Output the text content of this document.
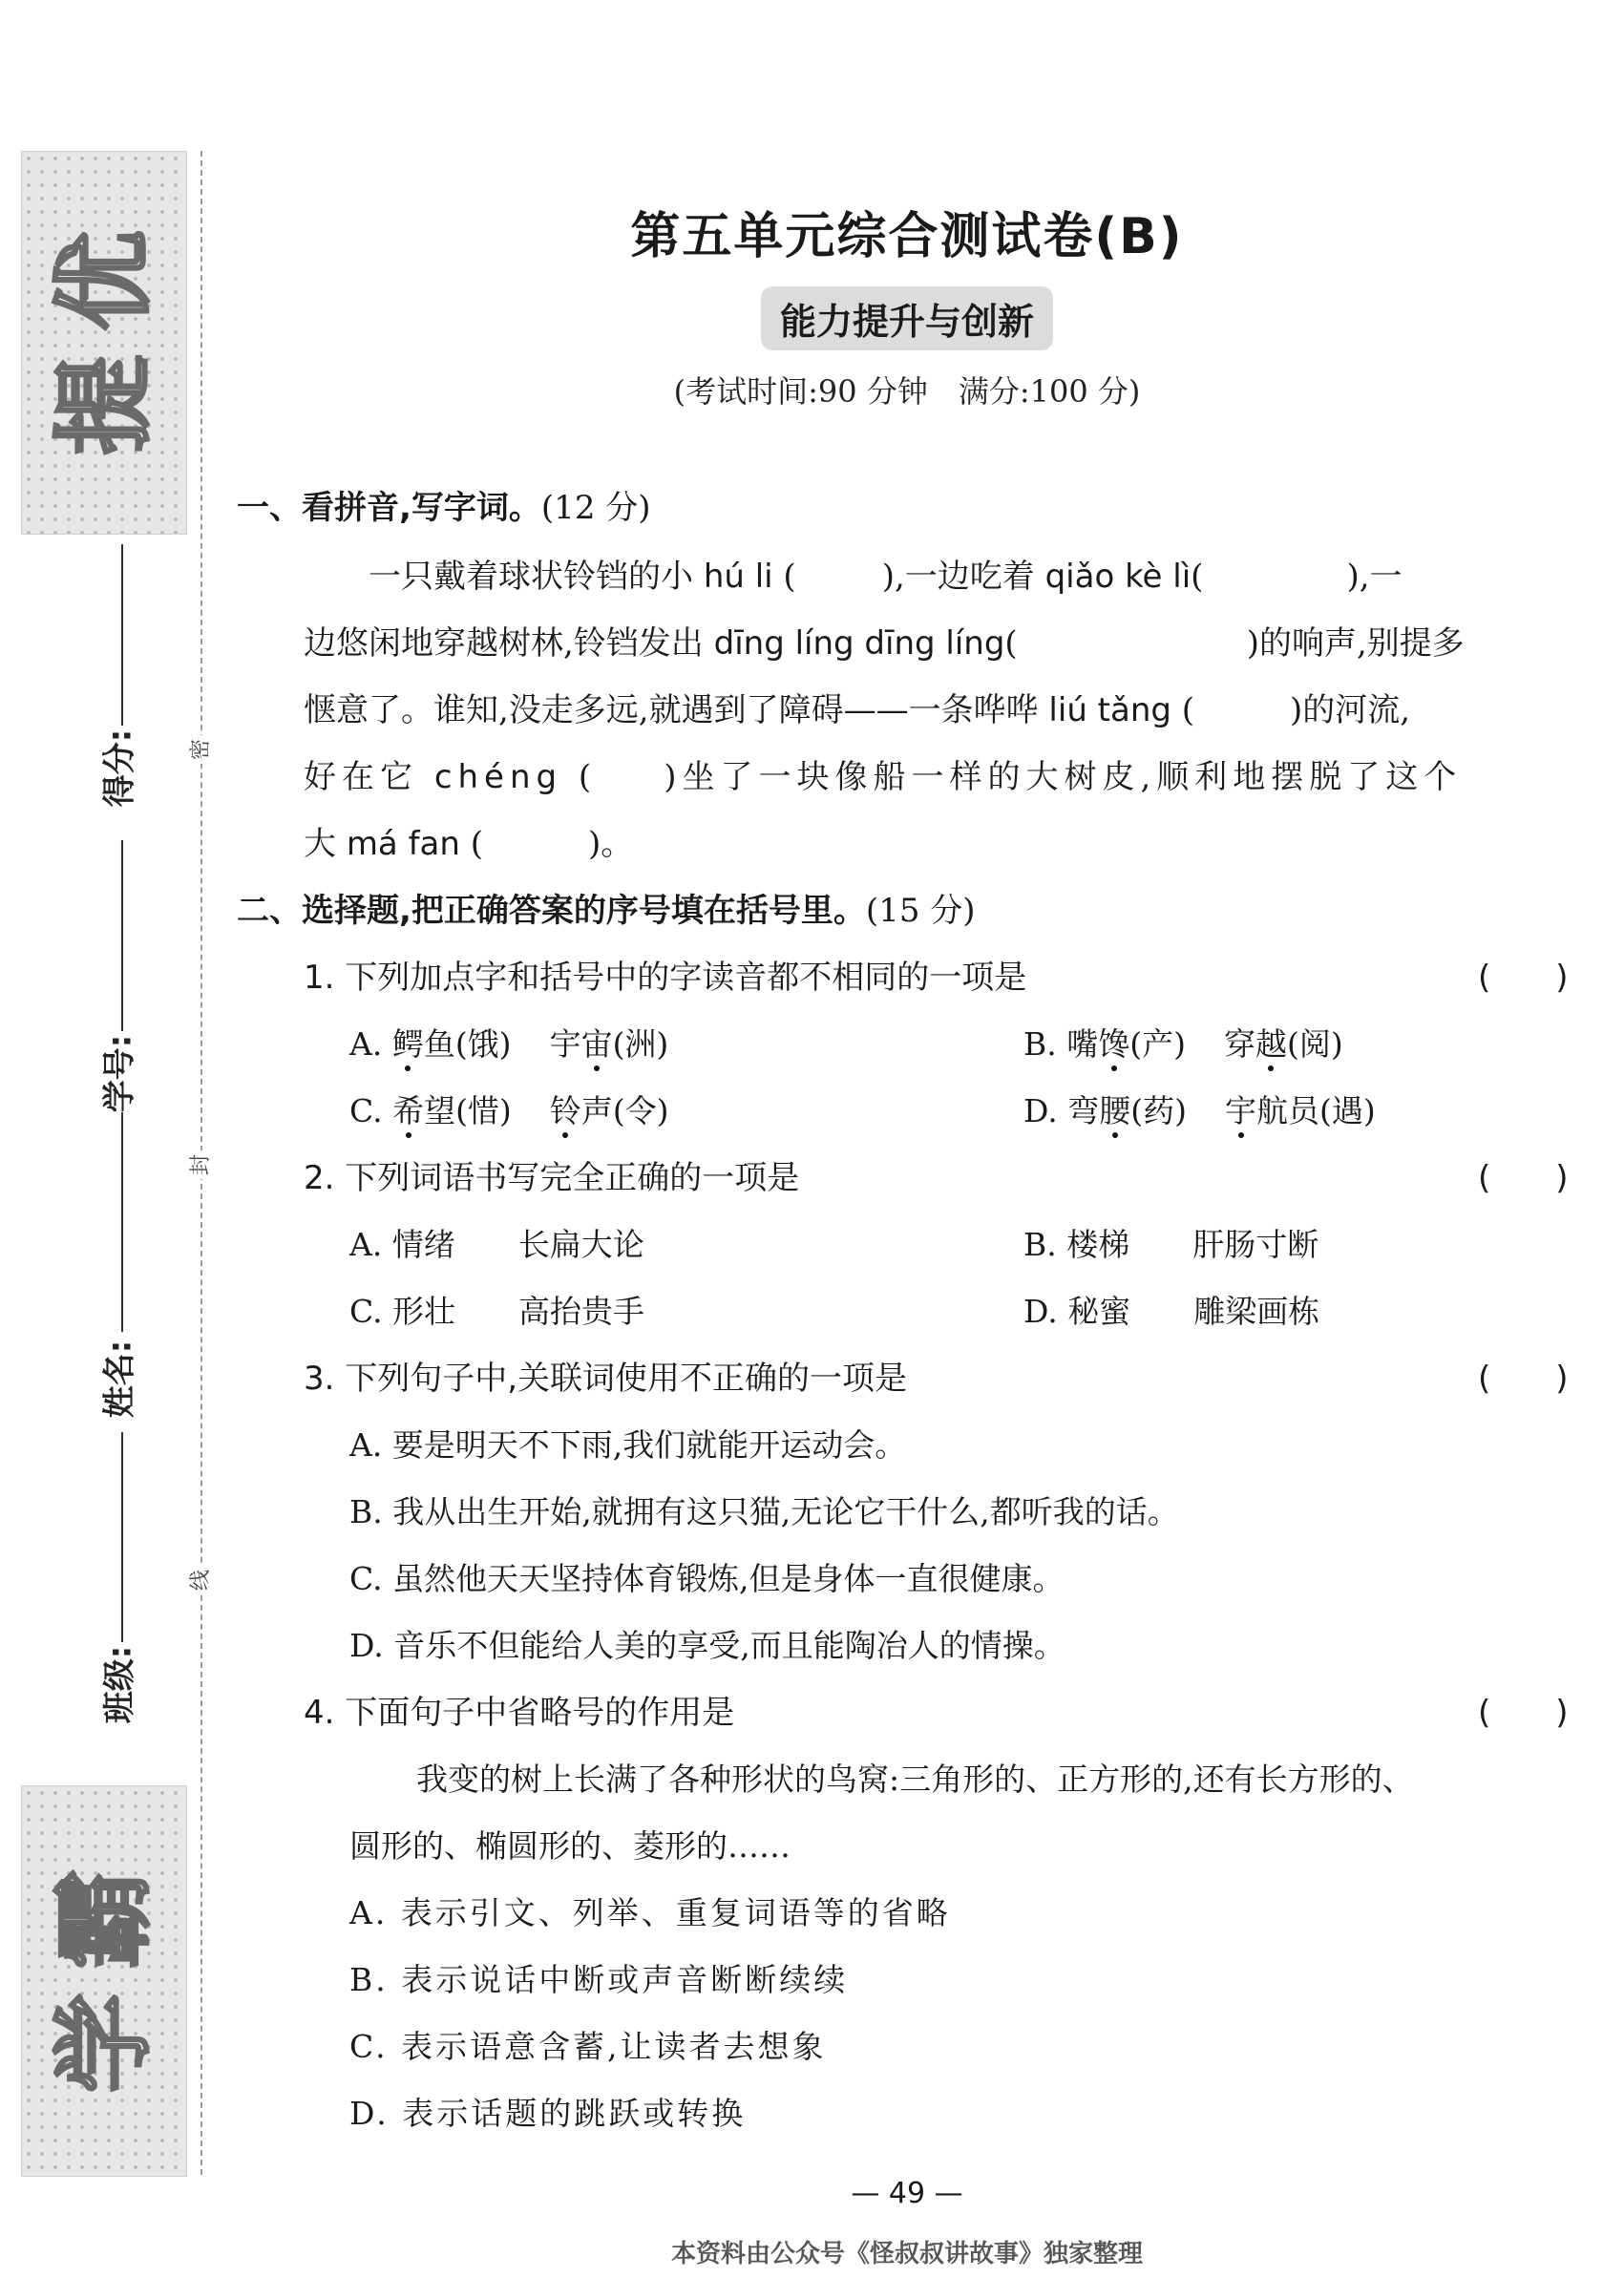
优
提
霸
学
密
封
线
班级:
姓名:
学号:
得分:
第五单元综合测试卷(B)
能力提升与创新
(考试时间:90 分钟　满分:100 分)
一、看拼音,写字词。(12 分)
一只戴着球状铃铛的小 hú li (	),一边吃着 qiǎo kè lì(	),一
边悠闲地穿越树林,铃铛发出 dīng líng dīng líng(	)的响声,别提多
惬意了。谁知,没走多远,就遇到了障碍——一条哗哗 liú tǎng (	)的河流,
好在它 chéng ( )坐了一块像船一样的大树皮,顺利地摆脱了这个
大 má fan (	)。
二、选择题,把正确答案的序号填在括号里。(15 分)
1. 下列加点字和括号中的字读音都不相同的一项是	(　　)
A. 鳄鱼(饿) 宇宙(洲)	B. 嘴馋(产) 穿越(阅)
C. 希望(惜) 铃声(令)	D. 弯腰(药) 宇航员(遇)
2. 下列词语书写完全正确的一项是	(　　)
A. 情绪　　长扁大论	B. 楼梯　　肝肠寸断
C. 形壮　　高抬贵手	D. 秘蜜　　雕梁画栋
3. 下列句子中,关联词使用不正确的一项是	(　　)
A. 要是明天不下雨,我们就能开运动会。
B. 我从出生开始,就拥有这只猫,无论它干什么,都听我的话。
C. 虽然他天天坚持体育锻炼,但是身体一直很健康。
D. 音乐不但能给人美的享受,而且能陶冶人的情操。
4. 下面句子中省略号的作用是	(　　)
我变的树上长满了各种形状的鸟窝:三角形的、正方形的,还有长方形的、
圆形的、椭圆形的、菱形的……
A. 表示引文、列举、重复词语等的省略
B. 表示说话中断或声音断断续续
C. 表示语意含蓄,让读者去想象
D. 表示话题的跳跃或转换
— 49 —
本资料由公众号《怪叔叔讲故事》独家整理
